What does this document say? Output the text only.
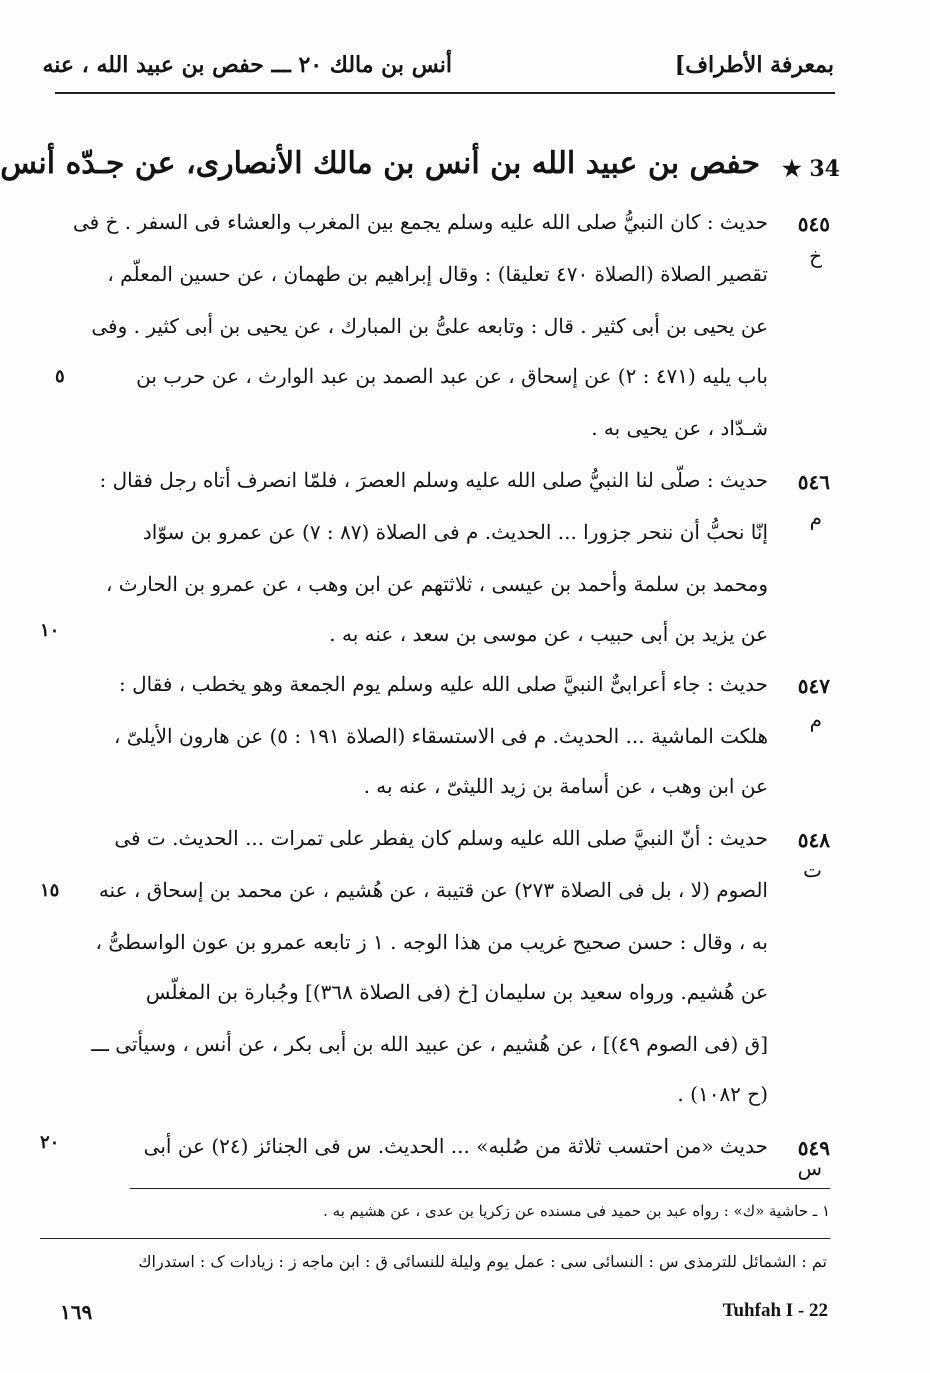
بمعرفة الأطراف]
أنس بن مالك ٢٠ ـــ حفص بن عبيد الله ، عنه
34 ★
حفص بن عبيد الله بن أنس بن مالك الأنصارى، عن جـدّه أنس
٥٤٥
خ
حديث : كان النبيُّ صلى الله عليه وسلم يجمع بين المغرب والعشاء فى السفر . خ فى
تقصير الصلاة (الصلاة ٤٧٠ تعليقا) : وقال إبراهيم بن طهمان ، عن حسين المعلّم ،
عن يحيى بن أبى كثير . قال : وتابعه علىُّ بن المبارك ، عن يحيى بن أبى كثير . وفى
باب يليه (٤٧١ : ٢) عن إسحاق ، عن عبد الصمد بن عبد الوارث ، عن حرب بن
شـدّاد ، عن يحيى به .
٥
٥٤٦
م
حديث : صلّى لنا النبيُّ صلى الله عليه وسلم العصرَ ، فلمّا انصرف أتاه رجل فقال :
إنّا نحبُّ أن ننحر جزورا ... الحديث. م فى الصلاة (٨٧ : ٧) عن عمرو بن سوّاد
ومحمد بن سلمة وأحمد بن عيسى ، ثلاثتهم عن ابن وهب ، عن عمرو بن الحارث ،
عن يزيد بن أبى حبيب ، عن موسى بن سعد ، عنه به .
١٠
٥٤٧
م
حديث : جاء أعرابىٌّ النبيَّ صلى الله عليه وسلم يوم الجمعة وهو يخطب ، فقال :
هلكت الماشية ... الحديث. م فى الاستسقاء (الصلاة ١٩١ : ٥) عن هارون الأيلىّ ،
عن ابن وهب ، عن أسامة بن زيد الليثىّ ، عنه به .
٥٤٨
ت
حديث : أنّ النبيَّ صلى الله عليه وسلم كان يفطر على تمرات ... الحديث. ت فى
الصوم (لا ، بل فى الصلاة ٢٧٣) عن قتيبة ، عن هُشيم ، عن محمد بن إسحاق ، عنه
به ، وقال : حسن صحيح غريب من هذا الوجه . ١ ز تابعه عمرو بن عون الواسطىُّ ،
عن هُشيم. ورواه سعيد بن سليمان [خ (فى الصلاة ٣٦٨)] وجُبارة بن المغلّس
[ق (فى الصوم ٤٩)] ، عن هُشيم ، عن عبيد الله بن أبى بكر ، عن أنس ، وسيأتى ـــ
(ح ١٠٨٢) .
١٥
٥٤٩
س
حديث «من احتسب ثلاثة من صُلبه» ... الحديث. س فى الجنائز (٢٤) عن أبى
٢٠
١ ـ حاشية «ك» : رواه عبد بن حميد فى مسنده عن زكريا بن عدى ، عن هشيم به .
تم : الشمائل للترمذى س : النسائى سى : عمل يوم وليلة للنسائى ق : ابن ماجه ز : زيادات ک : استدراك
١٦٩	Tuhfah I - 22
